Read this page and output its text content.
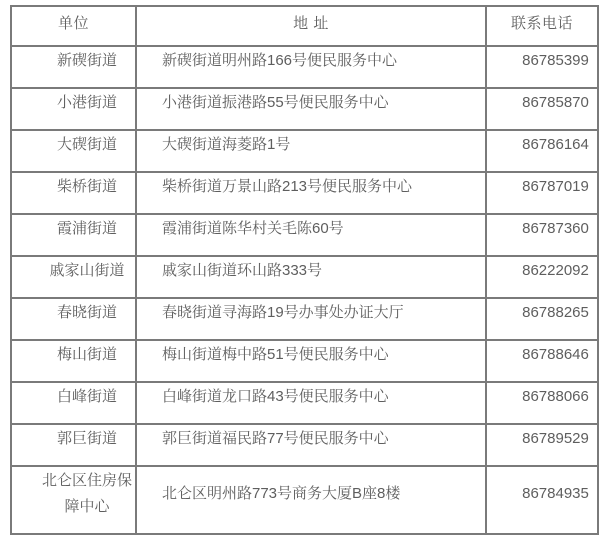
单位	地 址	联系电话
新碶街道	新碶街道明州路166号便民服务中心	86785399
小港街道	小港街道振港路55号便民服务中心	86785870
大碶街道	大碶街道海菱路1号	86786164
柴桥街道	柴桥街道万景山路213号便民服务中心	86787019
霞浦街道	霞浦街道陈华村关毛陈60号	86787360
戚家山街道	戚家山街道环山路333号	86222092
春晓街道	春晓街道寻海路19号办事处办证大厅	86788265
梅山街道	梅山街道梅中路51号便民服务中心	86788646
白峰街道	白峰街道龙口路43号便民服务中心	86788066
郭巨街道	郭巨街道福民路77号便民服务中心	86789529
北仑区住房保障中心	北仑区明州路773号商务大厦B座8楼	86784935
